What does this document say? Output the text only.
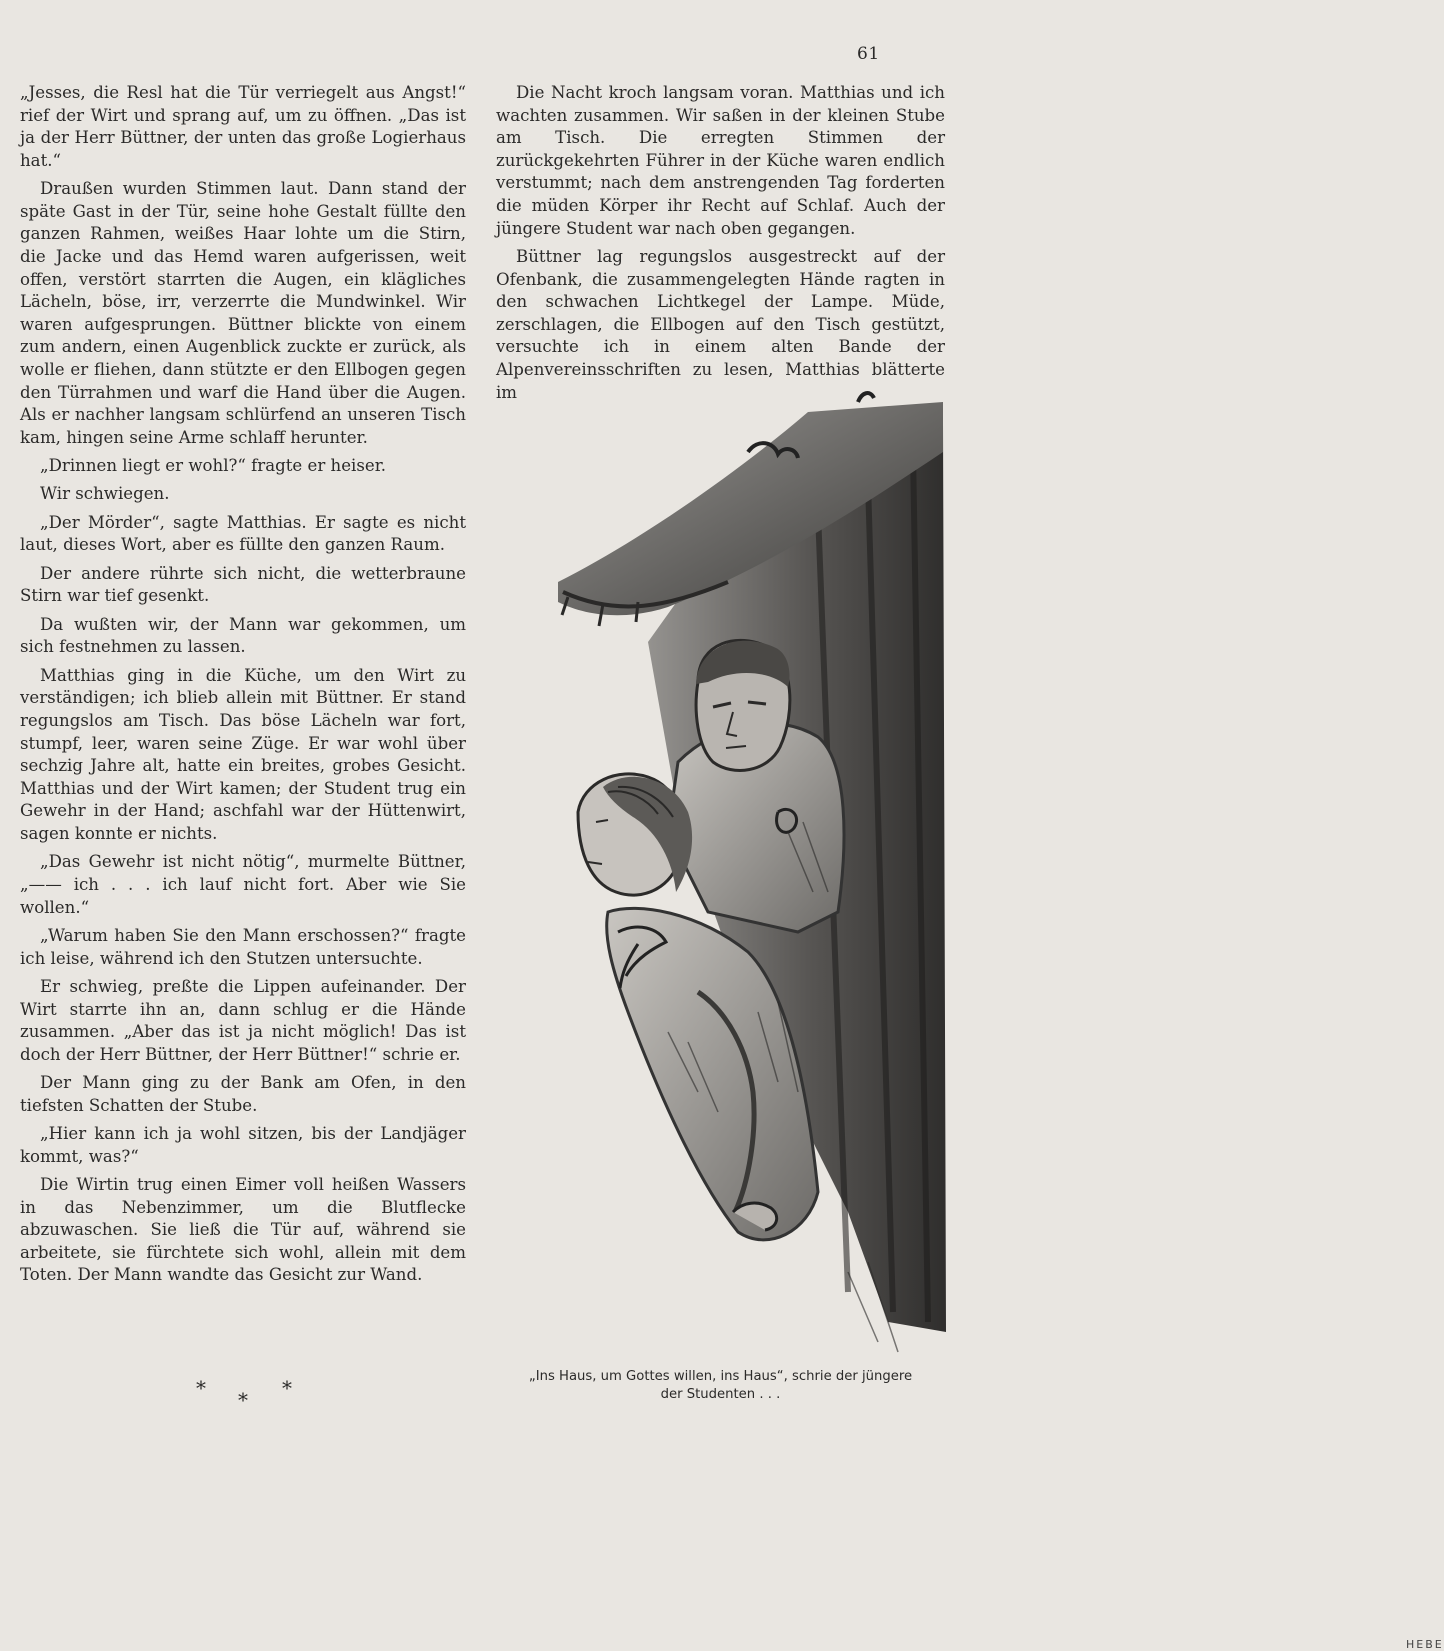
61

„Jesses, die Resl hat die Tür verriegelt aus Angst!“ rief der Wirt und sprang auf, um zu öffnen. „Das ist ja der Herr Büttner, der unten das große Logierhaus hat.“

Draußen wurden Stimmen laut. Dann stand der späte Gast in der Tür, seine hohe Gestalt füllte den ganzen Rahmen, weißes Haar lohte um die Stirn, die Jacke und das Hemd waren aufgerissen, weit offen, verstört starrten die Augen, ein klägliches Lächeln, böse, irr, verzerrte die Mundwinkel. Wir waren aufgesprungen. Büttner blickte von einem zum andern, einen Augenblick zuckte er zurück, als wolle er fliehen, dann stützte er den Ellbogen gegen den Türrahmen und warf die Hand über die Augen. Als er nachher langsam schlürfend an unseren Tisch kam, hingen seine Arme schlaff herunter.

„Drinnen liegt er wohl?“ fragte er heiser.

Wir schwiegen.

„Der Mörder“, sagte Matthias. Er sagte es nicht laut, dieses Wort, aber es füllte den ganzen Raum.

Der andere rührte sich nicht, die wetterbraune Stirn war tief gesenkt.

Da wußten wir, der Mann war gekommen, um sich festnehmen zu lassen.

Matthias ging in die Küche, um den Wirt zu verständigen; ich blieb allein mit Büttner. Er stand regungslos am Tisch. Das böse Lächeln war fort, stumpf, leer, waren seine Züge. Er war wohl über sechzig Jahre alt, hatte ein breites, grobes Gesicht. Matthias und der Wirt kamen; der Student trug ein Gewehr in der Hand; aschfahl war der Hüttenwirt, sagen konnte er nichts.

„Das Gewehr ist nicht nötig“, murmelte Büttner, „—— ich . . . ich lauf nicht fort. Aber wie Sie wollen.“

„Warum haben Sie den Mann erschossen?“ fragte ich leise, während ich den Stutzen untersuchte.

Er schwieg, preßte die Lippen aufeinander. Der Wirt starrte ihn an, dann schlug er die Hände zusammen. „Aber das ist ja nicht möglich! Das ist doch der Herr Büttner, der Herr Büttner!“ schrie er.

Der Mann ging zu der Bank am Ofen, in den tiefsten Schatten der Stube.

„Hier kann ich ja wohl sitzen, bis der Landjäger kommt, was?“

Die Wirtin trug einen Eimer voll heißen Wassers in das Nebenzimmer, um die Blutflecke abzuwaschen. Sie ließ die Tür auf, während sie arbeitete, sie fürchtete sich wohl, allein mit dem Toten. Der Mann wandte das Gesicht zur Wand.

* * *

Die Nacht kroch langsam voran. Matthias und ich wachten zusammen. Wir saßen in der kleinen Stube am Tisch. Die erregten Stimmen der zurückgekehrten Führer in der Küche waren endlich verstummt; nach dem anstrengenden Tag forderten die müden Körper ihr Recht auf Schlaf. Auch der jüngere Student war nach oben gegangen.

Büttner lag regungslos ausgestreckt auf der Ofenbank, die zusammengelegten Hände ragten in den schwachen Lichtkegel der Lampe. Müde, zerschlagen, die Ellbogen auf den Tisch gestützt, versuchte ich in einem alten Bande der Alpenvereinsschriften zu lesen, Matthias blätterte im

HEBE
„Ins Haus, um Gottes willen, ins Haus“, schrie der jüngere
der Studenten . . .
